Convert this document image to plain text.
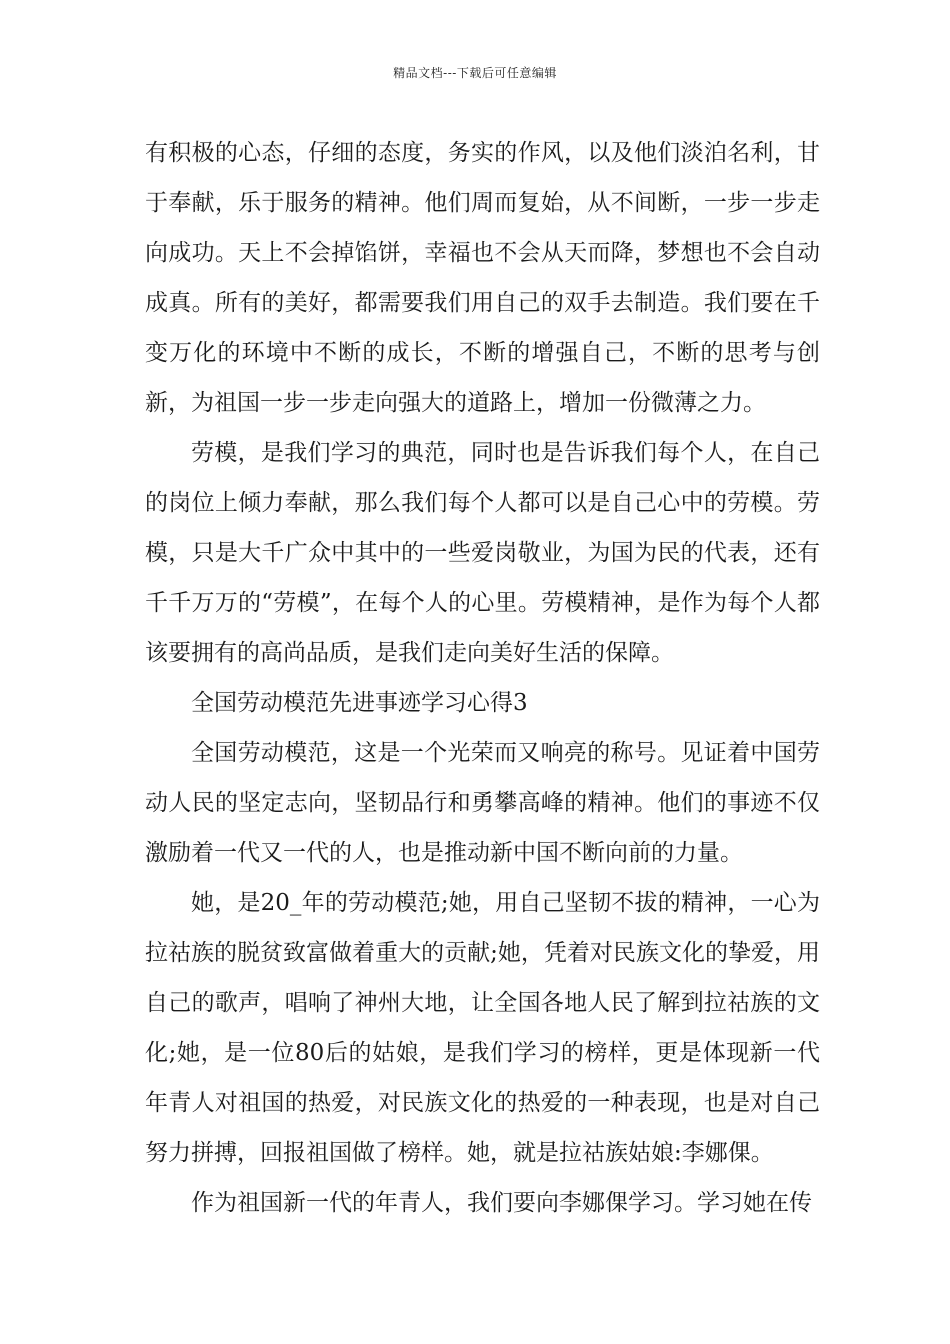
精品文档---下载后可任意编辑

有积极的心态，仔细的态度，务实的作风，以及他们淡泊名利，甘于奉献，乐于服务的精神。他们周而复始，从不间断，一步一步走向成功。天上不会掉馅饼，幸福也不会从天而降，梦想也不会自动成真。所有的美好，都需要我们用自己的双手去制造。我们要在千变万化的环境中不断的成长，不断的增强自己，不断的思考与创新，为祖国一步一步走向强大的道路上，增加一份微薄之力。

劳模，是我们学习的典范，同时也是告诉我们每个人，在自己的岗位上倾力奉献，那么我们每个人都可以是自己心中的劳模。劳模，只是大千广众中其中的一些爱岗敬业，为国为民的代表，还有千千万万的“劳模”，在每个人的心里。劳模精神，是作为每个人都该要拥有的高尚品质，是我们走向美好生活的保障。

全国劳动模范先进事迹学习心得3

全国劳动模范，这是一个光荣而又响亮的称号。见证着中国劳动人民的坚定志向，坚韧品行和勇攀高峰的精神。他们的事迹不仅激励着一代又一代的人，也是推动新中国不断向前的力量。

她，是20_年的劳动模范;她，用自己坚韧不拔的精神，一心为拉祜族的脱贫致富做着重大的贡献;她，凭着对民族文化的挚爱，用自己的歌声，唱响了神州大地，让全国各地人民了解到拉祜族的文化;她，是一位80后的姑娘，是我们学习的榜样，更是体现新一代年青人对祖国的热爱，对民族文化的热爱的一种表现，也是对自己努力拼搏，回报祖国做了榜样。她，就是拉祜族姑娘:李娜倮。

作为祖国新一代的年青人，我们要向李娜倮学习。学习她在传
